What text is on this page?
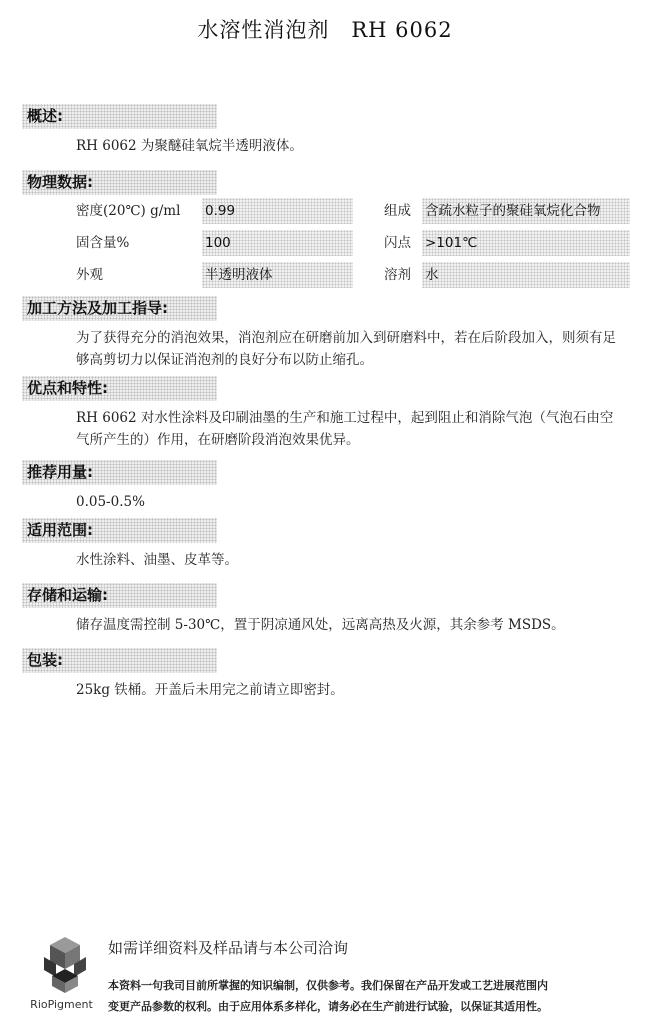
水溶性消泡剂　RH 6062
概述:
RH 6062 为聚醚硅氧烷半透明液体。
物理数据:
密度(20℃) g/ml 0.99	组成 含疏水粒子的聚硅氧烷化合物
固含量%	100	闪点 >101℃
外观	半透明液体	溶剂 水
加工方法及加工指导:
为了获得充分的消泡效果，消泡剂应在研磨前加入到研磨料中，若在后阶段加入，则须有足够高剪切力以保证消泡剂的良好分布以防止缩孔。
优点和特性:
RH 6062 对水性涂料及印刷油墨的生产和施工过程中，起到阻止和消除气泡（气泡石由空气所产生的）作用，在研磨阶段消泡效果优异。
推荐用量:
0.05-0.5%
适用范围:
水性涂料、油墨、皮革等。
存储和运输:
储存温度需控制 5-30℃，置于阴凉通风处，远离高热及火源，其余参考 MSDS。
包装:
25kg 铁桶。开盖后未用完之前请立即密封。
RioPigment
如需详细资料及样品请与本公司洽询
本资料一句我司目前所掌握的知识编制，仅供参考。我们保留在产品开发或工艺进展范围内
变更产品参数的权利。由于应用体系多样化，请务必在生产前进行试验，以保证其适用性。
